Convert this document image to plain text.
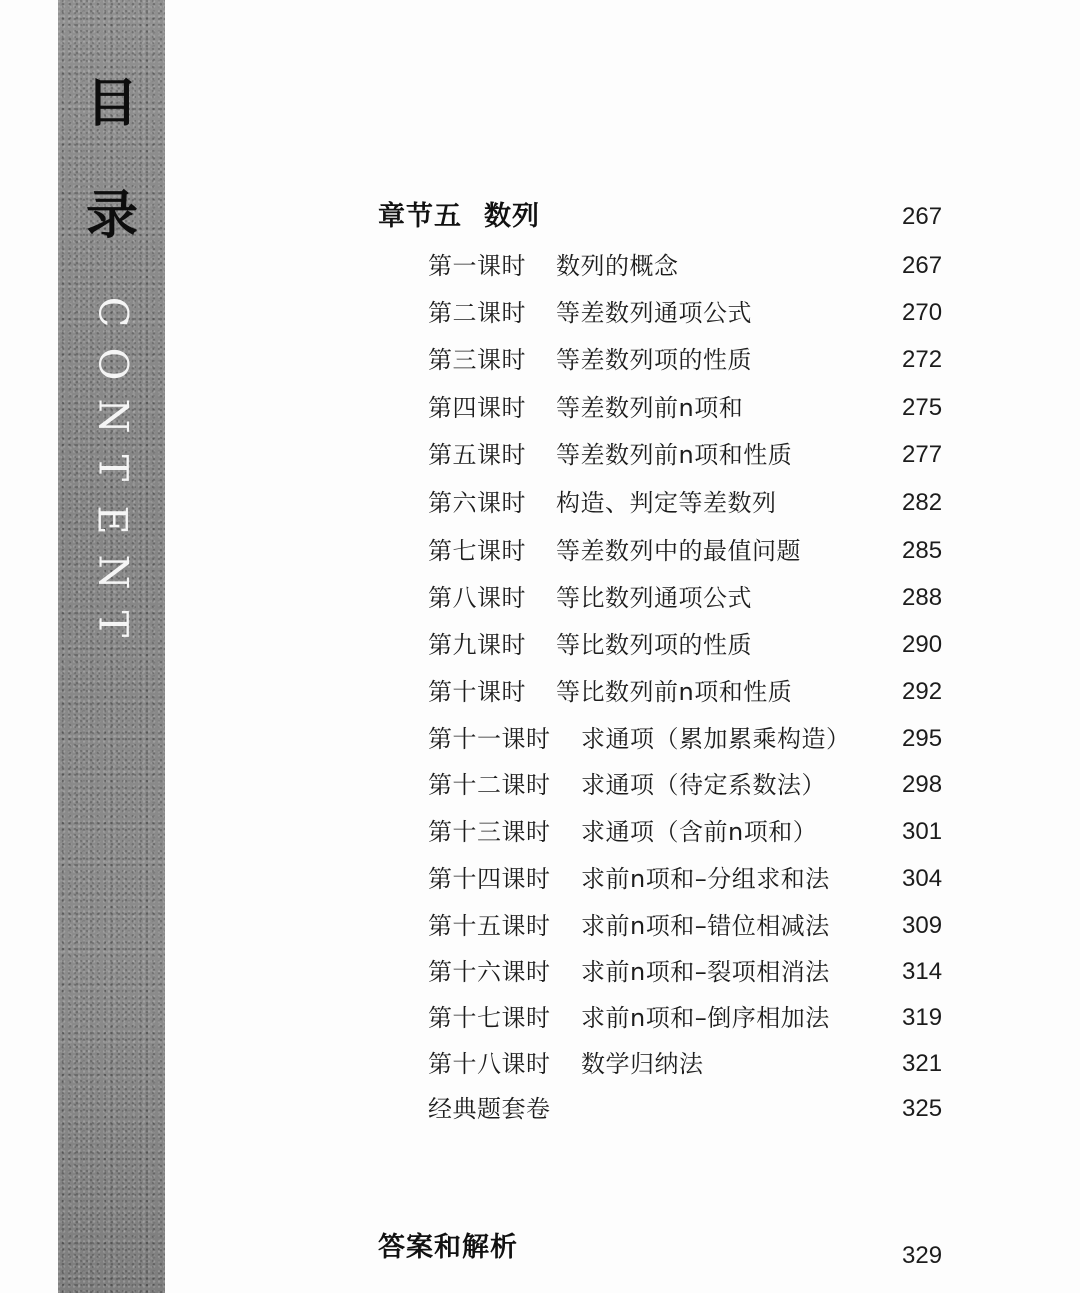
目
录
C
O
N
T
E
N
T
章节五 数列	267
第一课时 数列的概念	267
第二课时 等差数列通项公式	270
第三课时 等差数列项的性质	272
第四课时 等差数列前n项和	275
第五课时 等差数列前n项和性质	277
第六课时 构造、判定等差数列	282
第七课时 等差数列中的最值问题	285
第八课时 等比数列通项公式	288
第九课时 等比数列项的性质	290
第十课时 等比数列前n项和性质	292
第十一课时 求通项（累加累乘构造） 295
第十二课时 求通项（待定系数法）	298
第十三课时 求通项（含前n项和）	301
第十四课时 求前n项和–分组求和法	304
第十五课时 求前n项和–错位相减法	309
第十六课时 求前n项和–裂项相消法	314
第十七课时 求前n项和–倒序相加法	319
第十八课时 数学归纳法	321
经典题套卷	325
答案和解析	329
